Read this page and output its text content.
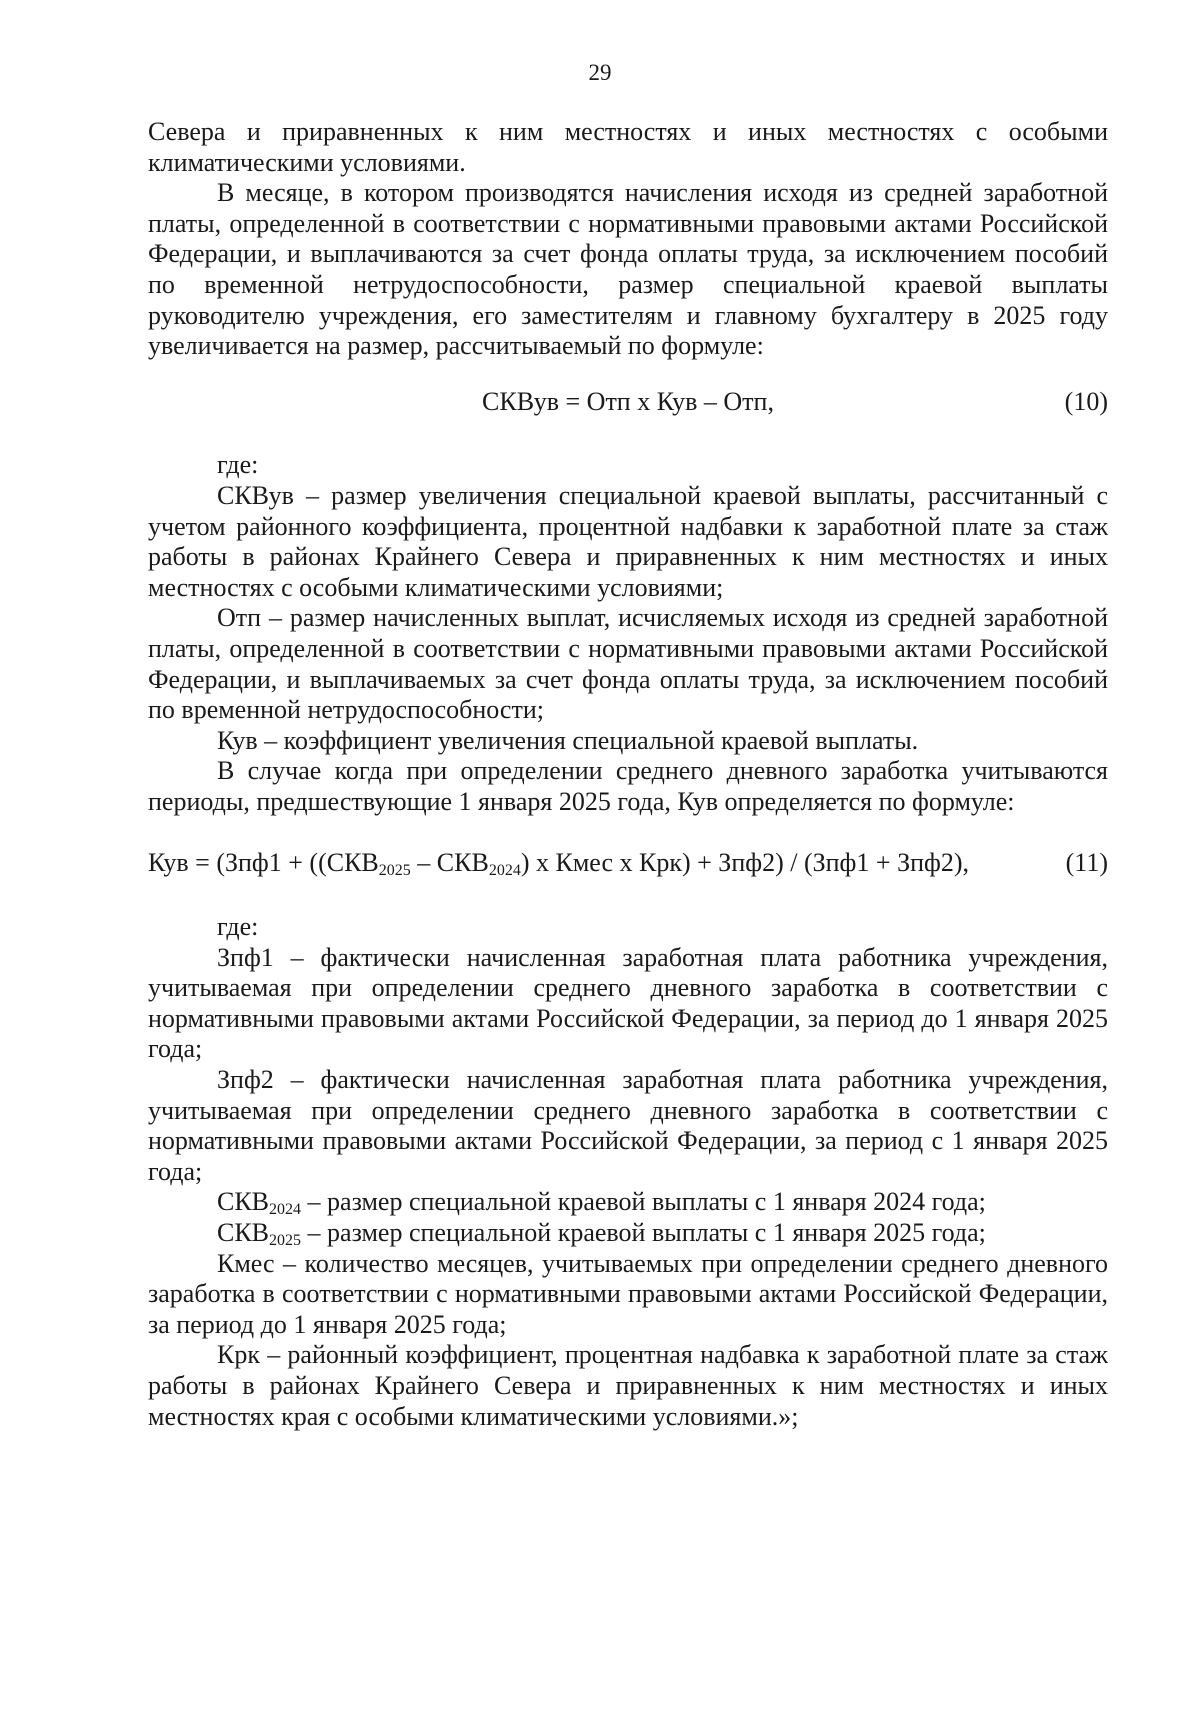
29

Севера и приравненных к ним местностях и иных местностях с особыми климатическими условиями.

В месяце, в котором производятся начисления исходя из средней заработной платы, определенной в соответствии с нормативными правовыми актами Российской Федерации, и выплачиваются за счет фонда оплаты труда, за исключением пособий по временной нетрудоспособности, размер специальной краевой выплаты руководителю учреждения, его заместителям и главному бухгалтеру в 2025 году увеличивается на размер, рассчитываемый по формуле:

СКВув = Отп х Кув – Отп,	(10)

где:

СКВув – размер увеличения специальной краевой выплаты, рассчитанный с учетом районного коэффициента, процентной надбавки к заработной плате за стаж работы в районах Крайнего Севера и приравненных к ним местностях и иных местностях с особыми климатическими условиями;

Отп – размер начисленных выплат, исчисляемых исходя из средней заработной платы, определенной в соответствии с нормативными правовыми актами Российской Федерации, и выплачиваемых за счет фонда оплаты труда, за исключением пособий по временной нетрудоспособности;

Кув – коэффициент увеличения специальной краевой выплаты.

В случае когда при определении среднего дневного заработка учитываются периоды, предшествующие 1 января 2025 года, Кув определяется по формуле:

Кув = ($Зпф1 + ((СКВ_{2025} - СКВ_{2024})$ х Кмес х Крк) + Зпф2) / (Зпф1 + Зпф2),	(11)

где:

Зпф1 – фактически начисленная заработная плата работника учреждения, учитываемая при определении среднего дневного заработка в соответствии с нормативными правовыми актами Российской Федерации, за период до 1 января 2025 года;

Зпф2 – фактически начисленная заработная плата работника учреждения, учитываемая при определении среднего дневного заработка в соответствии с нормативными правовыми актами Российской Федерации, за период с 1 января 2025 года;

$СКВ_{2024}$ – размер специальной краевой выплаты с 1 января 2024 года;

$СКВ_{2025}$ – размер специальной краевой выплаты с 1 января 2025 года;

Кмес – количество месяцев, учитываемых при определении среднего дневного заработка в соответствии с нормативными правовыми актами Российской Федерации, за период до 1 января 2025 года;

Крк – районный коэффициент, процентная надбавка к заработной плате за стаж работы в районах Крайнего Севера и приравненных к ним местностях и иных местностях края с особыми климатическими условиями.»;
